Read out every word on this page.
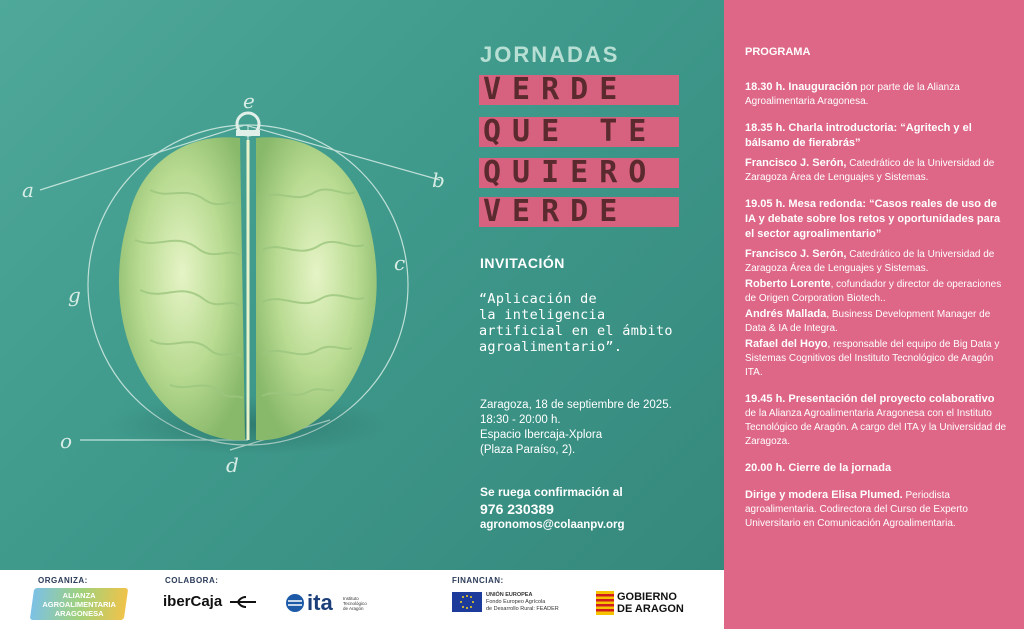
e
a	b
c
g
o
d
JORNADAS
VERDE
QUE TE
QUIERO
VERDE
INVITACIÓN
“Aplicación de
la inteligencia
artificial en el ámbito
agroalimentario”.
Zaragoza, 18 de septiembre de 2025.
18:30 - 20:00 h.
Espacio Ibercaja-Xplora
(Plaza Paraíso, 2).
Se ruega confirmación al
976 230389
agronomos@colaanpv.org
PROGRAMA
18.30 h. Inauguración por parte de la Alianza Agroalimentaria Aragonesa.
18.35 h. Charla introductoria: “Agritech y el bálsamo de fierabrás”
Francisco J. Serón, Catedrático de la Universidad de Zaragoza Área de Lenguajes y Sistemas.
19.05 h. Mesa redonda: “Casos reales de uso de IA y debate sobre los retos y oportunidades para el sector agroalimentario”
Francisco J. Serón, Catedrático de la Universidad de Zaragoza Área de Lenguajes y Sistemas.
Roberto Lorente, cofundador y director de operaciones de Origen Corporation Biotech..
Andrés Mallada, Business Development Manager de Data & IA de Integra.
Rafael del Hoyo, responsable del equipo de Big Data y Sistemas Cognitivos del Instituto Tecnológico de Aragón ITA.
19.45 h. Presentación del proyecto colaborativo de la Alianza Agroalimentaria Aragonesa con el Instituto Tecnológico de Aragón. A cargo del ITA y la Universidad de Zaragoza.
20.00 h. Cierre de la jornada
Dirige y modera Elisa Plumed. Periodista agroalimentaria. Codirectora del Curso de Experto Universitario en Comunicación Agroalimentaria.
ORGANIZA:	COLABORA:	FINANCIAN:
ALIANZA
AGROALIMENTARIA
ARAGONESA
iberCaja	ita Instituto
Tecnológico
de Aragón
UNIÓN EUROPEA
Fondo Europeo Agrícola
de Desarrollo Rural: FEADER
GOBIERNO
DE ARAGON
